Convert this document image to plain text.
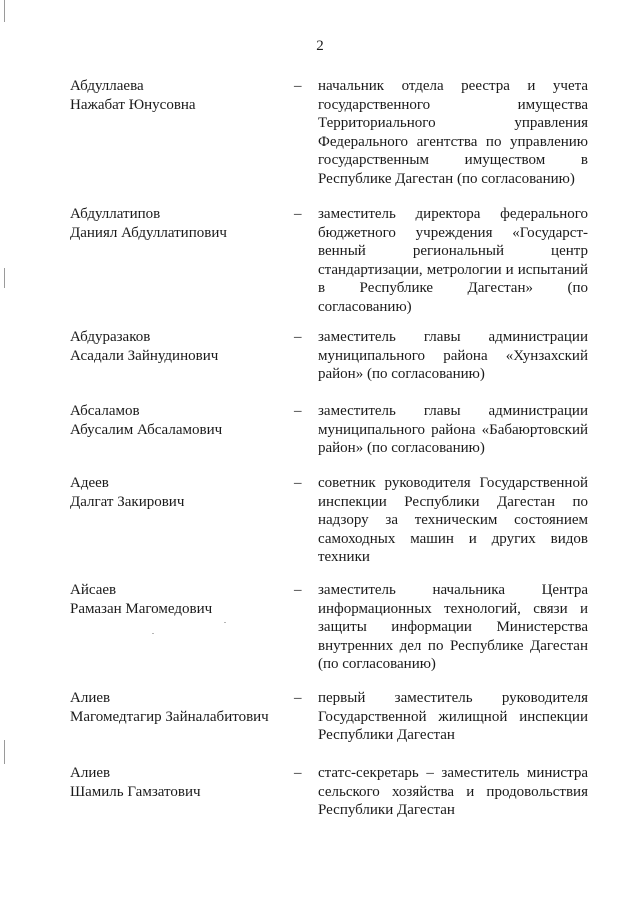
2
Абдуллаева
Нажабат Юнусовна
– начальник отдела реестра и учета государственного имущества Территориального управления Федерального агентства по управлению государственным имуществом в Республике Дагестан (по согласованию)
Абдуллатипов
Даниял Абдуллатипович
– заместитель директора федерального бюджетного учреждения «Государст-венный региональный центр стандартизации, метрологии и испытаний в Республике Дагестан» (по согласованию)
Абдуразаков
Асадали Зайнудинович
– заместитель главы администрации муниципального района «Хунзахский район» (по согласованию)
Абсаламов
Абусалим Абсаламович
– заместитель главы администрации муниципального района «Бабаюртовский район» (по согласованию)
Адеев
Далгат Закирович
– советник руководителя Государственной инспекции Республики Дагестан по надзору за техническим состоянием самоходных машин и других видов техники
Айсаев
Рамазан Магомедович
– заместитель начальника Центра информационных технологий, связи и защиты информации Министерства внутренних дел по Республике Дагестан (по согласованию)
Алиев
Магомедтагир Зайналабитович
– первый заместитель руководителя Государственной жилищной инспекции Республики Дагестан
Алиев
Шамиль Гамзатович
– статс-секретарь – заместитель министра сельского хозяйства и продовольствия Республики Дагестан
